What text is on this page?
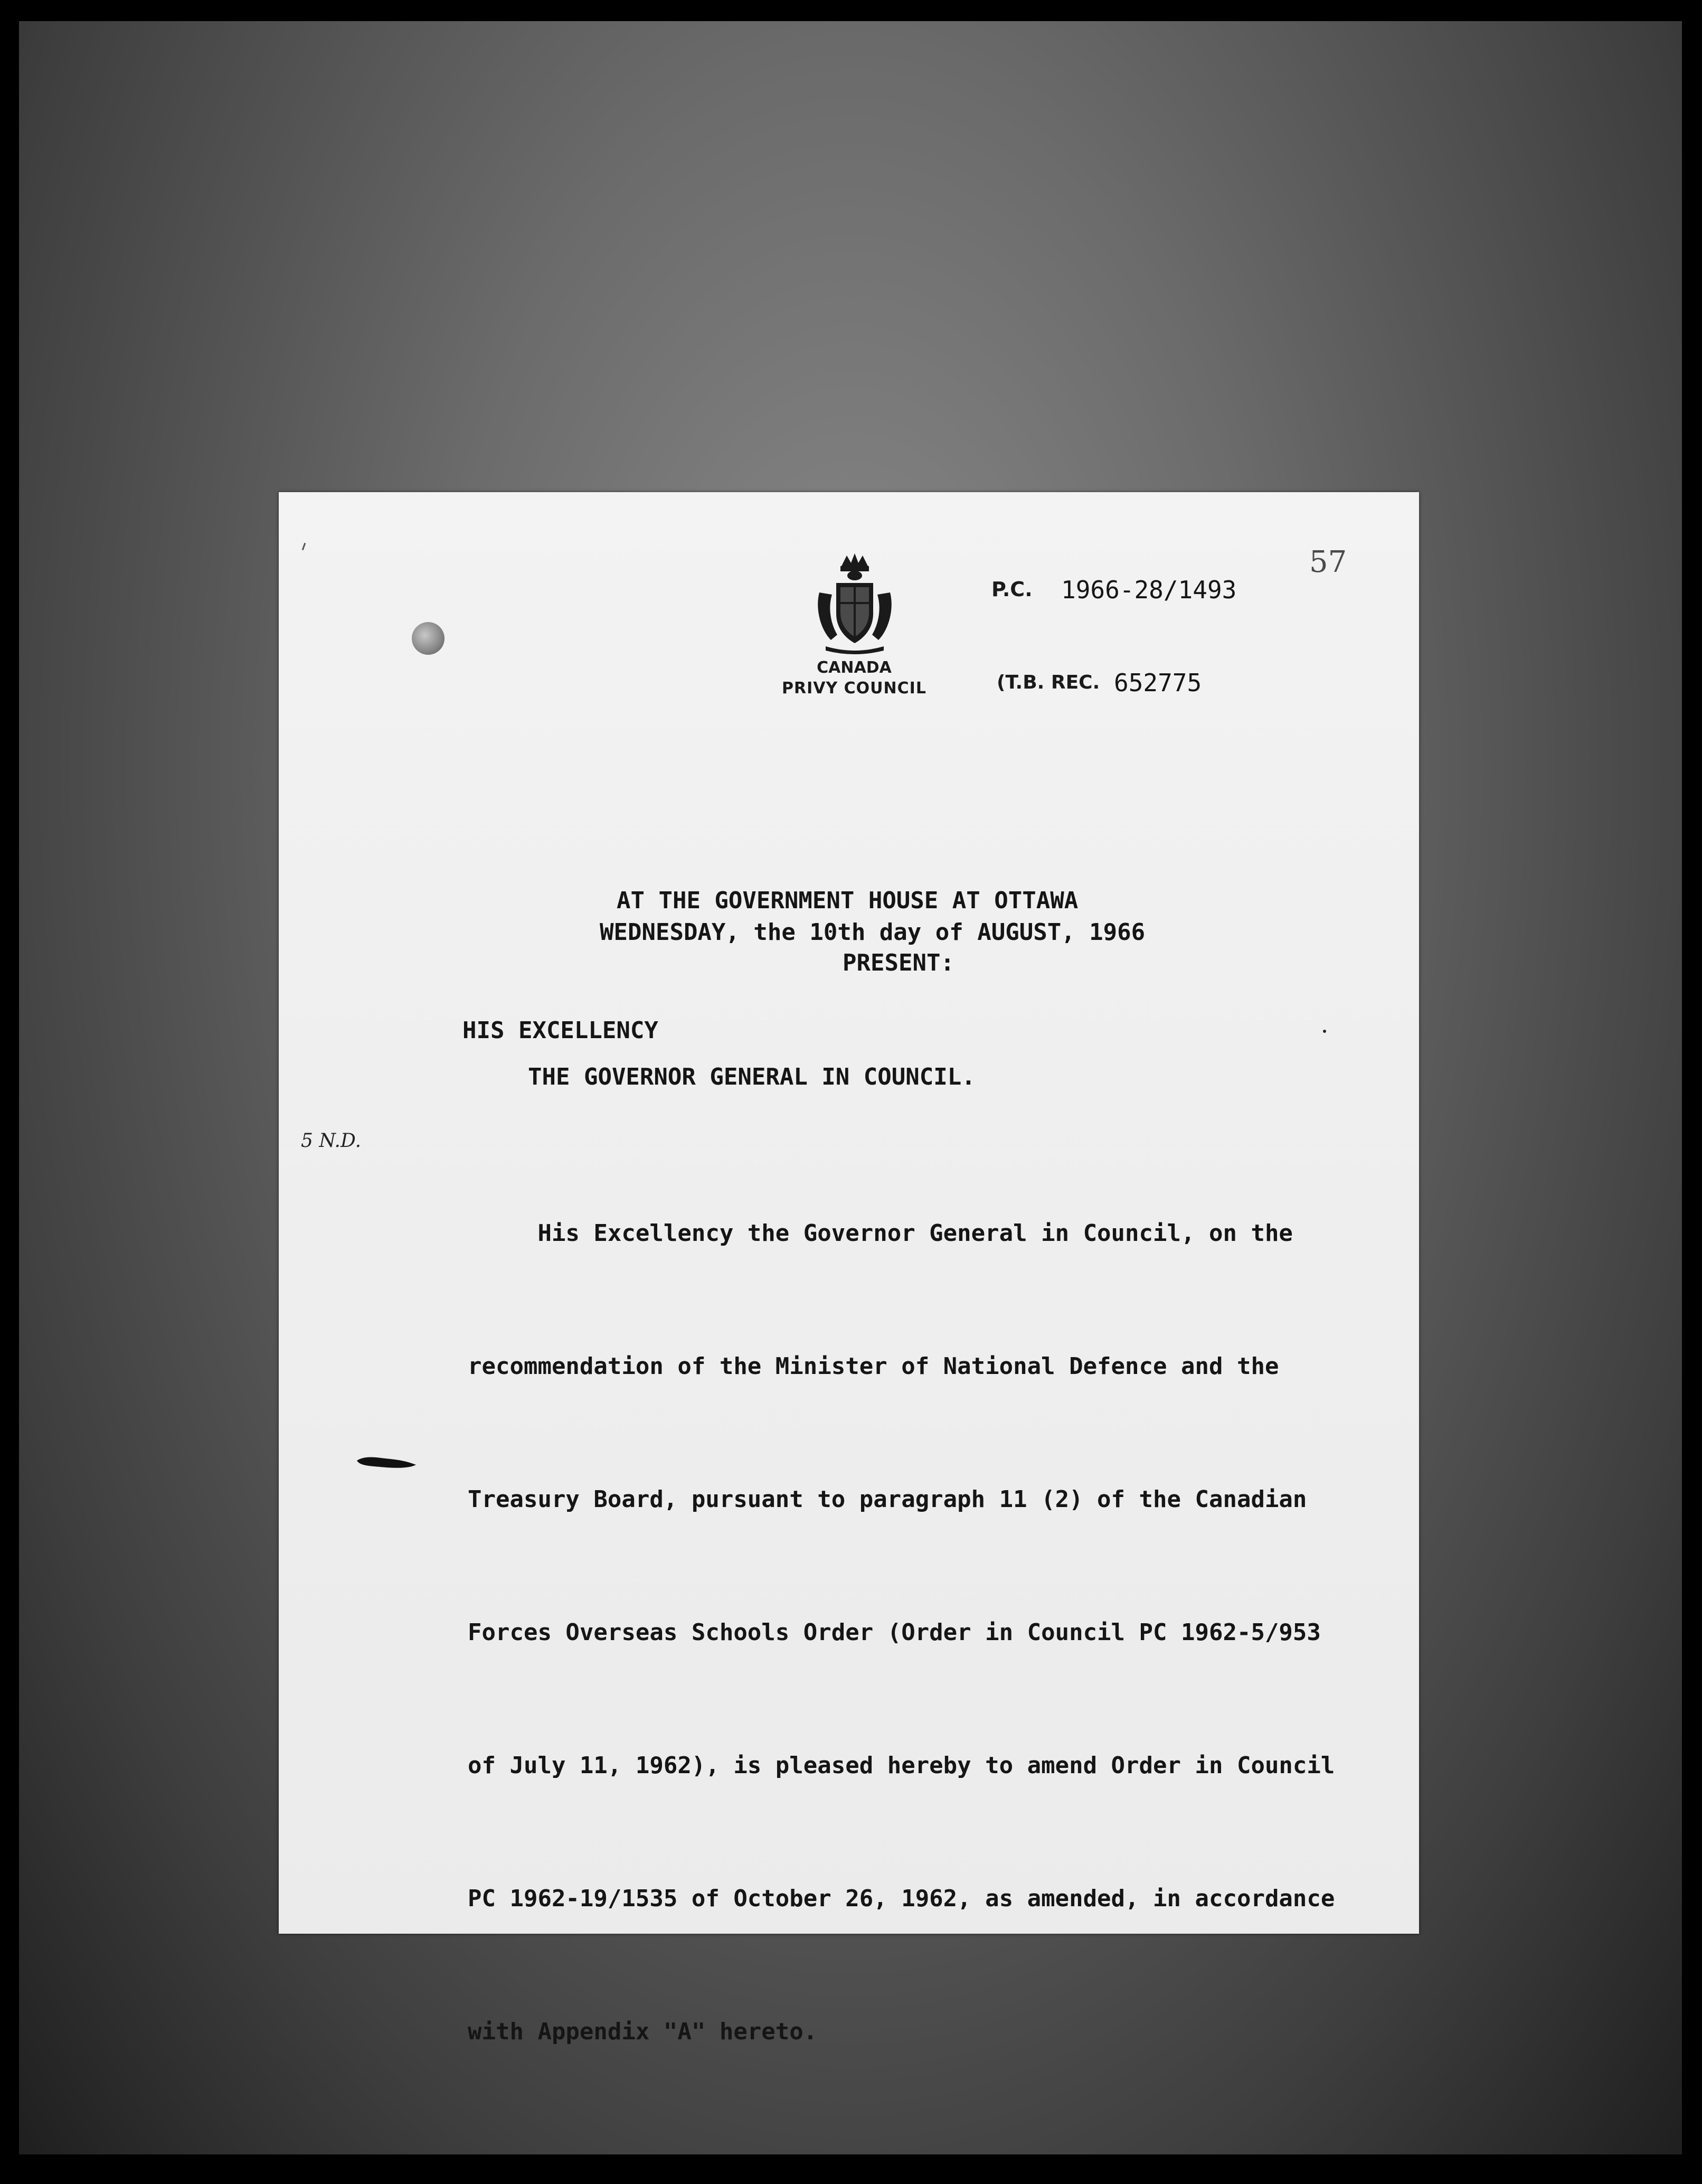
57
CANADA
PRIVY COUNCIL
P.C. 1966-28/1493
(T.B. REC. 652775
AT THE GOVERNMENT HOUSE AT OTTAWA
WEDNESDAY, the 10th day of AUGUST, 1966
PRESENT:
HIS EXCELLENCY
THE GOVERNOR GENERAL IN COUNCIL.
5 N.D.

His Excellency the Governor General in Council, on the

recommendation of the Minister of National Defence and the

Treasury Board, pursuant to paragraph 11 (2) of the Canadian

Forces Overseas Schools Order (Order in Council PC 1962-5/953

of July 11, 1962), is pleased hereby to amend Order in Council

PC 1962-19/1535 of October 26, 1962, as amended, in accordance

with Appendix "A" hereto.
